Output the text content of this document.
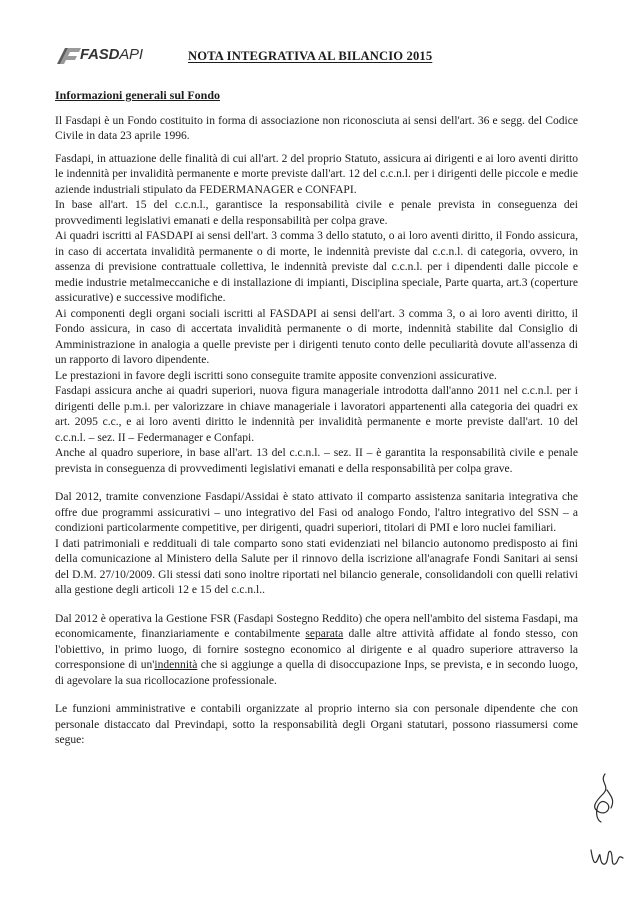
FASDAPI	NOTA INTEGRATIVA AL BILANCIO 2015
Informazioni generali sul Fondo

Il Fasdapi è un Fondo costituito in forma di associazione non riconosciuta ai sensi dell'art. 36 e segg. del Codice Civile in data 23 aprile 1996.

Fasdapi, in attuazione delle finalità di cui all'art. 2 del proprio Statuto, assicura ai dirigenti e ai loro aventi diritto le indennità per invalidità permanente e morte previste dall'art. 12 del c.c.n.l. per i dirigenti delle piccole e medie aziende industriali stipulato da FEDERMANAGER e CONFAPI.

In base all'art. 15 del c.c.n.l., garantisce la responsabilità civile e penale prevista in conseguenza dei provvedimenti legislativi emanati e della responsabilità per colpa grave.

Ai quadri iscritti al FASDAPI ai sensi dell'art. 3 comma 3 dello statuto, o ai loro aventi diritto, il Fondo assicura, in caso di accertata invalidità permanente o di morte, le indennità previste dal c.c.n.l. di categoria, ovvero, in assenza di previsione contrattuale collettiva, le indennità previste dal c.c.n.l. per i dipendenti dalle piccole e medie industrie metalmeccaniche e di installazione di impianti, Disciplina speciale, Parte quarta, art.3 (coperture assicurative) e successive modifiche.

Ai componenti degli organi sociali iscritti al FASDAPI ai sensi dell'art. 3 comma 3, o ai loro aventi diritto, il Fondo assicura, in caso di accertata invalidità permanente o di morte, indennità stabilite dal Consiglio di Amministrazione in analogia a quelle previste per i dirigenti tenuto conto delle peculiarità dovute all'assenza di un rapporto di lavoro dipendente.

Le prestazioni in favore degli iscritti sono conseguite tramite apposite convenzioni assicurative.

Fasdapi assicura anche ai quadri superiori, nuova figura manageriale introdotta dall'anno 2011 nel c.c.n.l. per i dirigenti delle p.m.i. per valorizzare in chiave manageriale i lavoratori appartenenti alla categoria dei quadri ex art. 2095 c.c., e ai loro aventi diritto le indennità per invalidità permanente e morte previste dall'art. 10 del c.c.n.l. – sez. II – Federmanager e Confapi.

Anche al quadro superiore, in base all'art. 13 del c.c.n.l. – sez. II – è garantita la responsabilità civile e penale prevista in conseguenza di provvedimenti legislativi emanati e della responsabilità per colpa grave.

Dal 2012, tramite convenzione Fasdapi/Assidai è stato attivato il comparto assistenza sanitaria integrativa che offre due programmi assicurativi – uno integrativo del Fasi od analogo Fondo, l'altro integrativo del SSN – a condizioni particolarmente competitive, per dirigenti, quadri superiori, titolari di PMI e loro nuclei familiari.

I dati patrimoniali e reddituali di tale comparto sono stati evidenziati nel bilancio autonomo predisposto ai fini della comunicazione al Ministero della Salute per il rinnovo della iscrizione all'anagrafe Fondi Sanitari ai sensi del D.M. 27/10/2009. Gli stessi dati sono inoltre riportati nel bilancio generale, consolidandoli con quelli relativi alla gestione degli articoli 12 e 15 del c.c.n.l..

Dal 2012 è operativa la Gestione FSR (Fasdapi Sostegno Reddito) che opera nell'ambito del sistema Fasdapi, ma economicamente, finanziariamente e contabilmente separata dalle altre attività affidate al fondo stesso, con l'obiettivo, in primo luogo, di fornire sostegno economico al dirigente e al quadro superiore attraverso la corresponsione di un'indennità che si aggiunge a quella di disoccupazione Inps, se prevista, e in secondo luogo, di agevolare la sua ricollocazione professionale.

Le funzioni amministrative e contabili organizzate al proprio interno sia con personale dipendente che con personale distaccato dal Previndapi, sotto la responsabilità degli Organi statutari, possono riassumersi come segue:
